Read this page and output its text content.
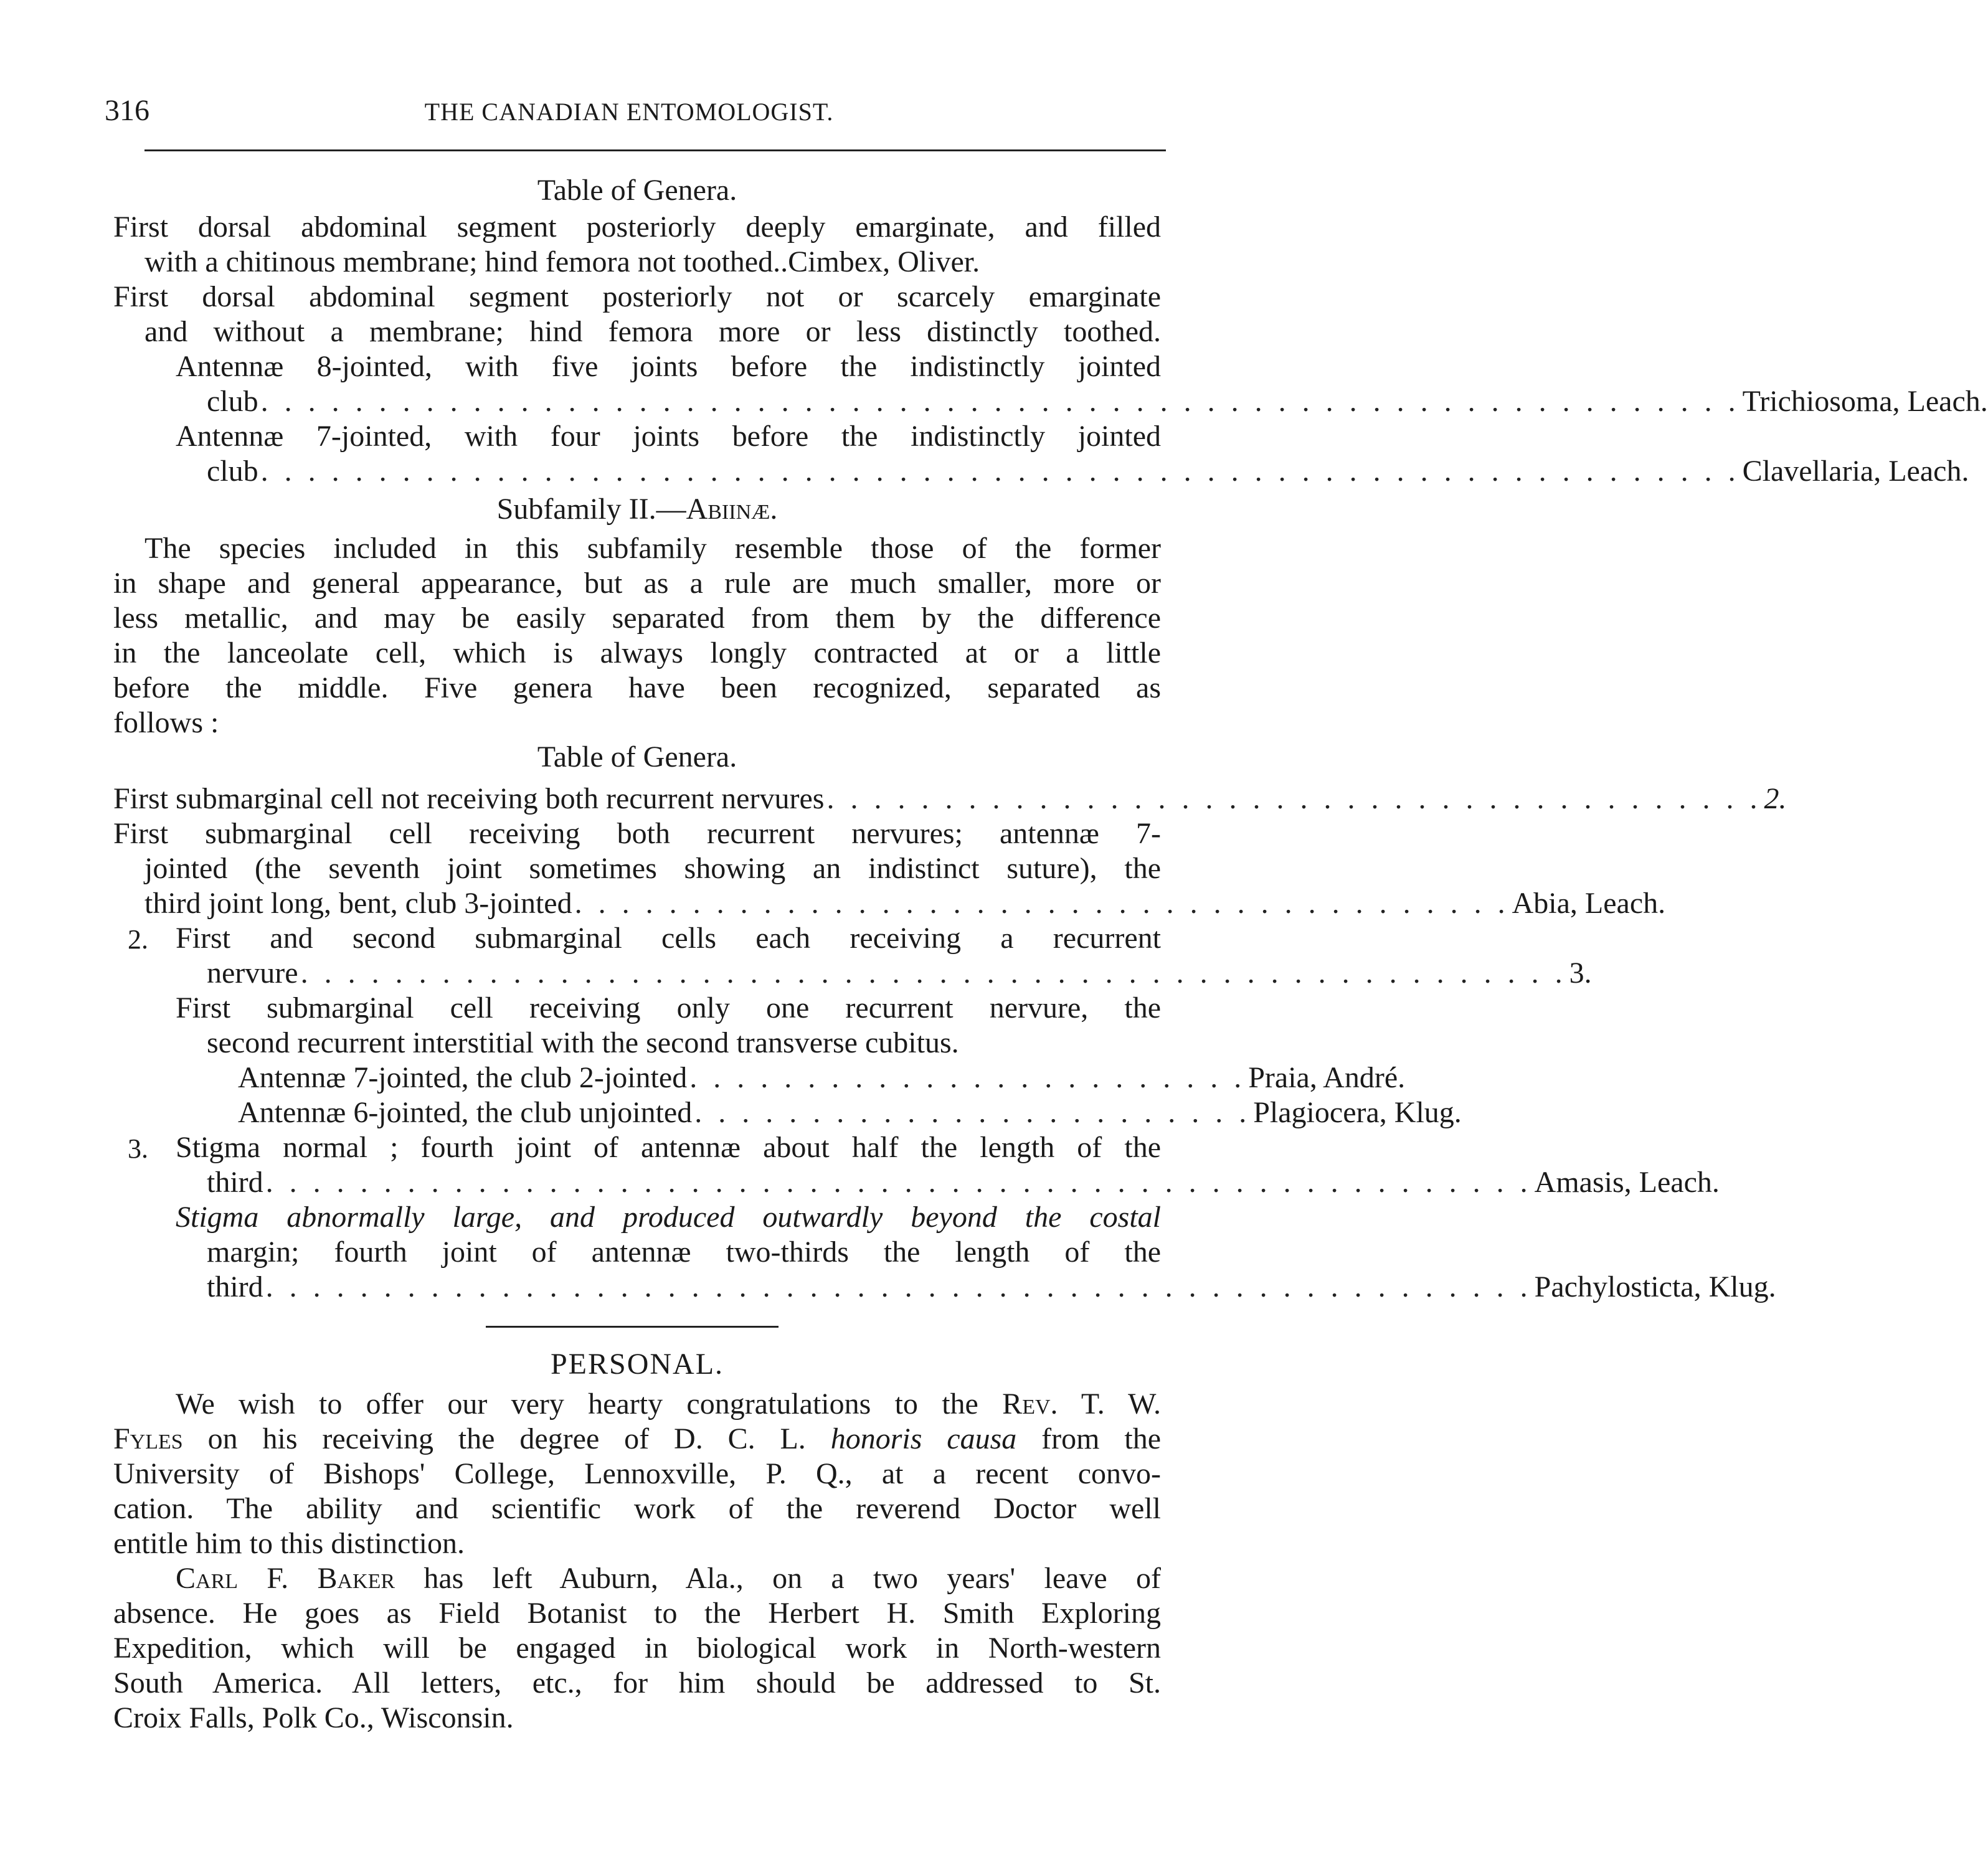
316	THE CANADIAN ENTOMOLOGIST.
Table of Genera.
First dorsal abdominal segment posteriorly deeply emarginate, and filled
with a chitinous membrane; hind femora not toothed.. Cimbex, Oliver.
First dorsal abdominal segment posteriorly not or scarcely emarginate
and without a membrane; hind femora more or less distinctly toothed.
Antennæ 8-jointed, with five joints before the indistinctly jointed
club . . . . . . . . . . . . . . . . . . . . . . . . . . . . . . . . . . . . . . . . . . . . . . . . . . . . . . . . . . . . . . . Trichiosoma, Leach.
Antennæ 7-jointed, with four joints before the indistinctly jointed
club . . . . . . . . . . . . . . . . . . . . . . . . . . . . . . . . . . . . . . . . . . . . . . . . . . . . . . . . . . . . . . . Clavellaria, Leach.
Subfamily II.—Abiinæ.
The species included in this subfamily resemble those of the former
in shape and general appearance, but as a rule are much smaller, more or
less metallic, and may be easily separated from them by the difference
in the lanceolate cell, which is always longly contracted at or a little
before the middle. Five genera have been recognized, separated as
follows :
Table of Genera.
First submarginal cell not receiving both recurrent nervures . . . . . . . . . . . . . . . . . . . . . . . . . . . . . . . . . . . . . . . . 2.
First submarginal cell receiving both recurrent nervures; antennæ 7-
jointed (the seventh joint sometimes showing an indistinct suture), the
third joint long, bent, club 3-jointed . . . . . . . . . . . . . . . . . . . . . . . . . . . . . . . . . . . . . . . . Abia, Leach.
2. First and second submarginal cells each receiving a recurrent
nervure . . . . . . . . . . . . . . . . . . . . . . . . . . . . . . . . . . . . . . . . . . . . . . . . . . . . . . 3.
First submarginal cell receiving only one recurrent nervure, the
second recurrent interstitial with the second transverse cubitus.
Antennæ 7-jointed, the club 2-jointed . . . . . . . . . . . . . . . . . . . . . . . . Praia, André.
Antennæ 6-jointed, the club unjointed . . . . . . . . . . . . . . . . . . . . . . . . Plagiocera, Klug.
3. Stigma normal ; fourth joint of antennæ about half the length of the
third . . . . . . . . . . . . . . . . . . . . . . . . . . . . . . . . . . . . . . . . . . . . . . . . . . . . . . Amasis, Leach.
Stigma abnormally large, and produced outwardly beyond the costal
margin; fourth joint of antennæ two-thirds the length of the
third . . . . . . . . . . . . . . . . . . . . . . . . . . . . . . . . . . . . . . . . . . . . . . . . . . . . . . Pachylosticta, Klug.
PERSONAL.
We wish to offer our very hearty congratulations to the Rev. T. W.
Fyles on his receiving the degree of D. C. L. honoris causa from the
University of Bishops' College, Lennoxville, P. Q., at a recent convo-
cation. The ability and scientific work of the reverend Doctor well
entitle him to this distinction.
Carl F. Baker has left Auburn, Ala., on a two years' leave of
absence. He goes as Field Botanist to the Herbert H. Smith Exploring
Expedition, which will be engaged in biological work in North-western
South America. All letters, etc., for him should be addressed to St.
Croix Falls, Polk Co., Wisconsin.
